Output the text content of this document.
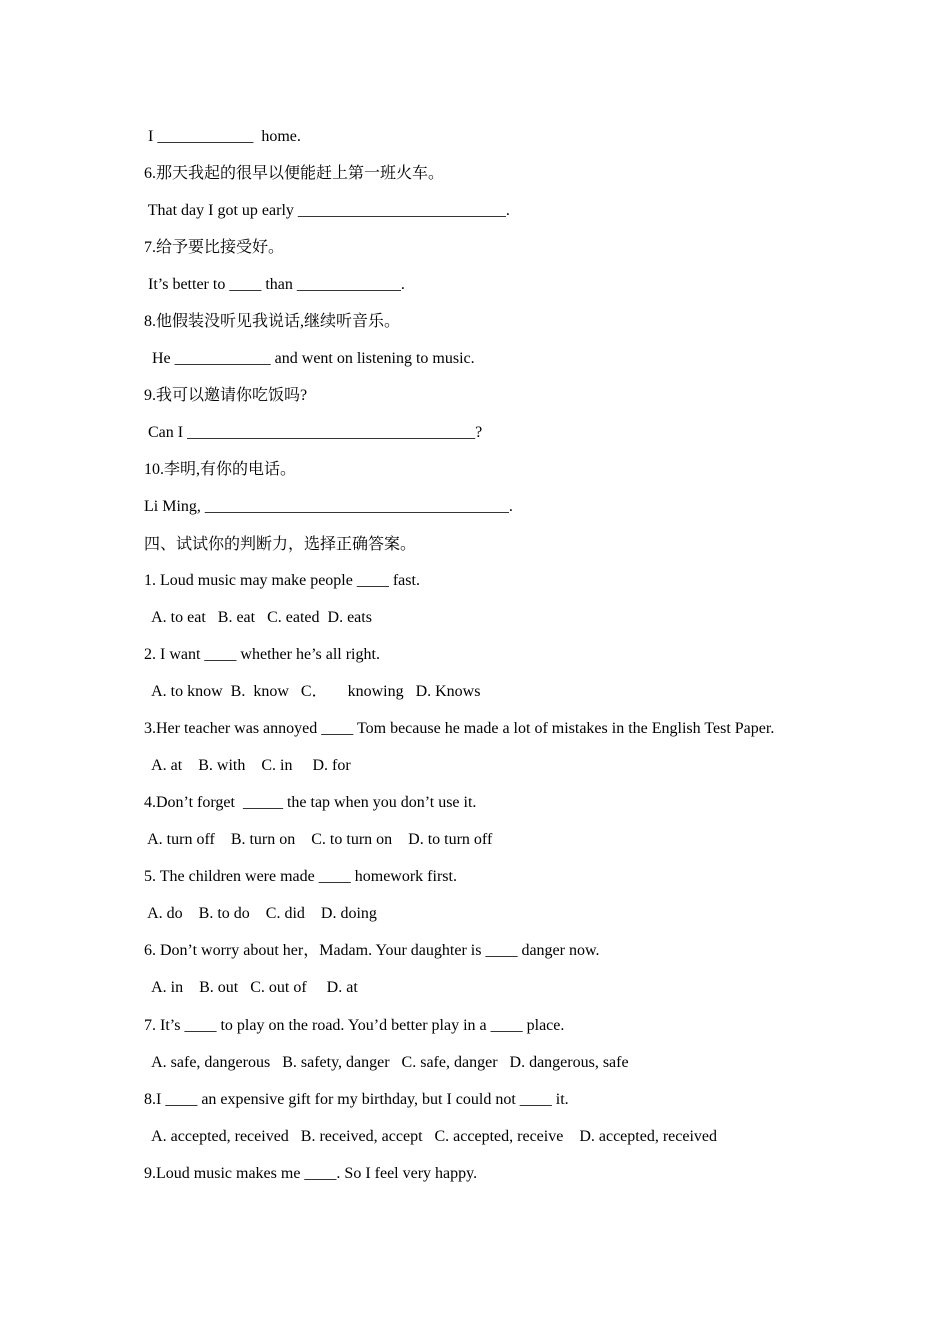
I ____________  home.
6.那天我起的很早以便能赶上第一班火车。
That day I got up early __________________________.
7.给予要比接受好。
It’s better to ____ than _____________.
8.他假装没听见我说话,继续听音乐。
He ____________ and went on listening to music.
9.我可以邀请你吃饭吗?
Can I ____________________________________?
10.李明,有你的电话。
Li Ming, ______________________________________.
四、试试你的判断力，选择正确答案。
1. Loud music may make people ____ fast.
A. to eat   B. eat   C. eated  D. eats
2. I want ____ whether he’s all right.
A. to know  B.  know   C．     knowing   D. Knows
3.Her teacher was annoyed ____ Tom because he made a lot of mistakes in the English Test Paper.
A. at    B. with    C. in     D. for
4.Don’t forget  _____ the tap when you don’t use it.
A. turn off    B. turn on    C. to turn on    D. to turn off
5. The children were made ____ homework first.
A. do    B. to do    C. did    D. doing
6. Don’t worry about her，Madam. Your daughter is ____ danger now.
A. in    B. out   C. out of     D. at
7. It’s ____ to play on the road. You’d better play in a ____ place.
A. safe, dangerous   B. safety, danger   C. safe, danger   D. dangerous, safe
8.I ____ an expensive gift for my birthday, but I could not ____ it.
A. accepted, received   B. received, accept   C. accepted, receive    D. accepted, received
9.Loud music makes me ____. So I feel very happy.
